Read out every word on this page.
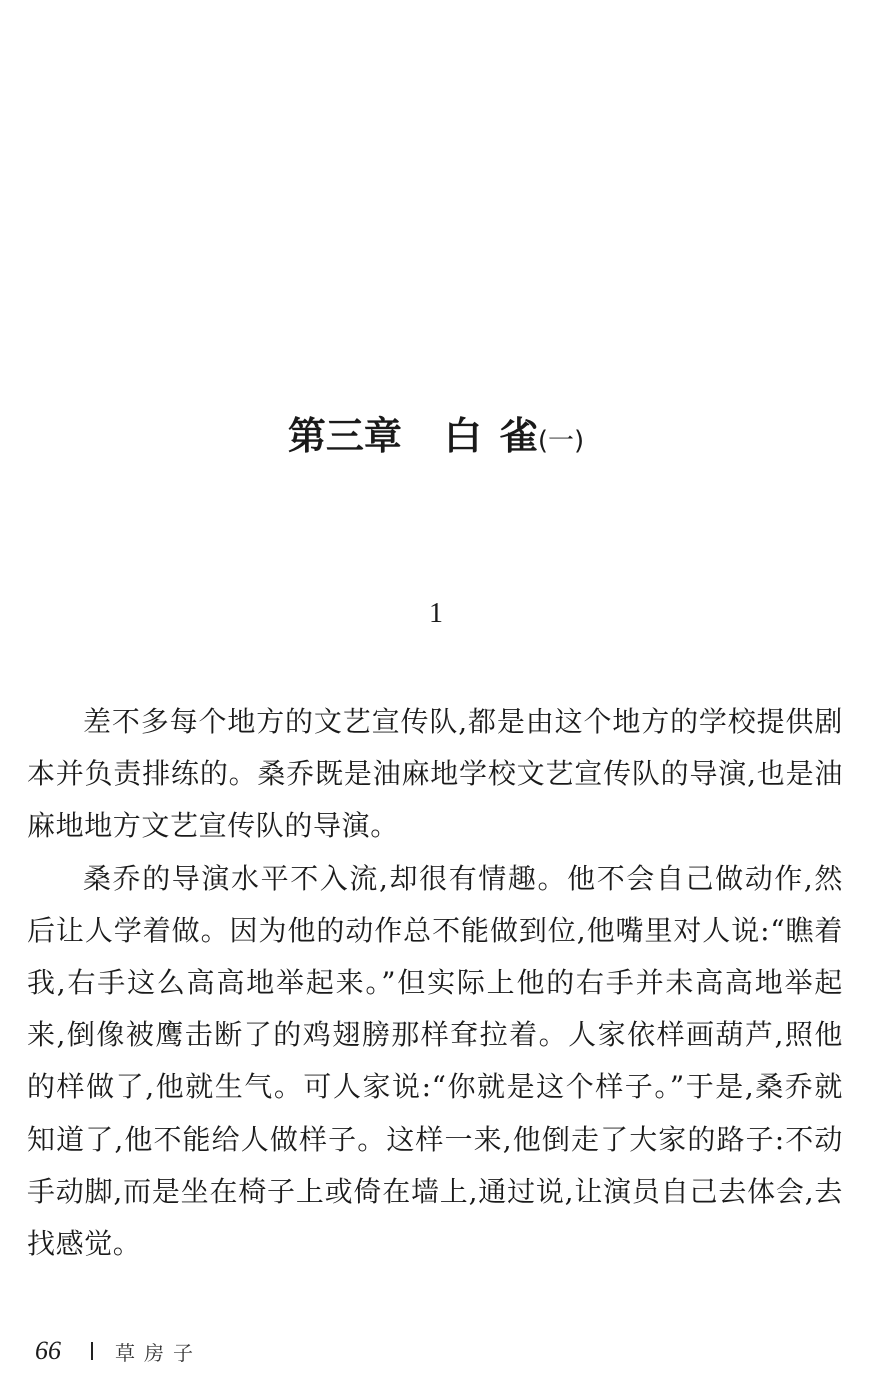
第三章 白 雀(一)
1

差不多每个地方的文艺宣传队,都是由这个地方的学校提供剧本并负责排练的。桑乔既是油麻地学校文艺宣传队的导演,也是油麻地地方文艺宣传队的导演。

桑乔的导演水平不入流,却很有情趣。他不会自己做动作,然后让人学着做。因为他的动作总不能做到位,他嘴里对人说:“瞧着我,右手这么高高地举起来。”但实际上他的右手并未高高地举起来,倒像被鹰击断了的鸡翅膀那样耷拉着。人家依样画葫芦,照他的样做了,他就生气。可人家说:“你就是这个样子。”于是,桑乔就知道了,他不能给人做样子。这样一来,他倒走了大家的路子:不动手动脚,而是坐在椅子上或倚在墙上,通过说,让演员自己去体会,去找感觉。

66	草房子
